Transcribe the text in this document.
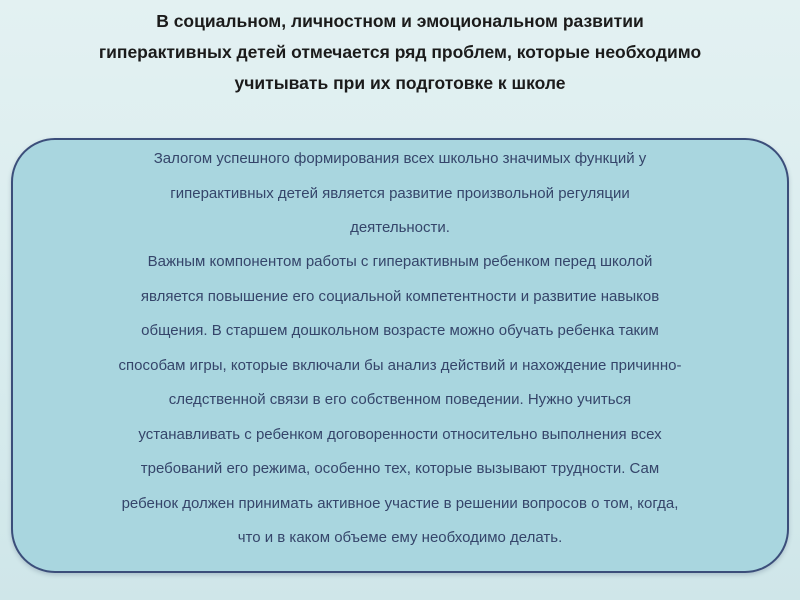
В социальном, личностном и эмоциональном развитии
гиперактивных детей отмечается ряд проблем, которые необходимо
учитывать при их подготовке к школе

Залогом успешного формирования всех школьно значимых функций у
гиперактивных детей является развитие произвольной регуляции
деятельности.

Важным компонентом работы с гиперактивным ребенком перед школой
является повышение его социальной компетентности и развитие навыков
общения. В старшем дошкольном возрасте можно обучать ребенка таким
способам игры, которые включали бы анализ действий и нахождение причинно-
следственной связи в его собственном поведении. Нужно учиться
устанавливать с ребенком договоренности относительно выполнения всех
требований его режима, особенно тех, которые вызывают трудности. Сам
ребенок должен принимать активное участие в решении вопросов о том, когда,
что и в каком объеме ему необходимо делать.
